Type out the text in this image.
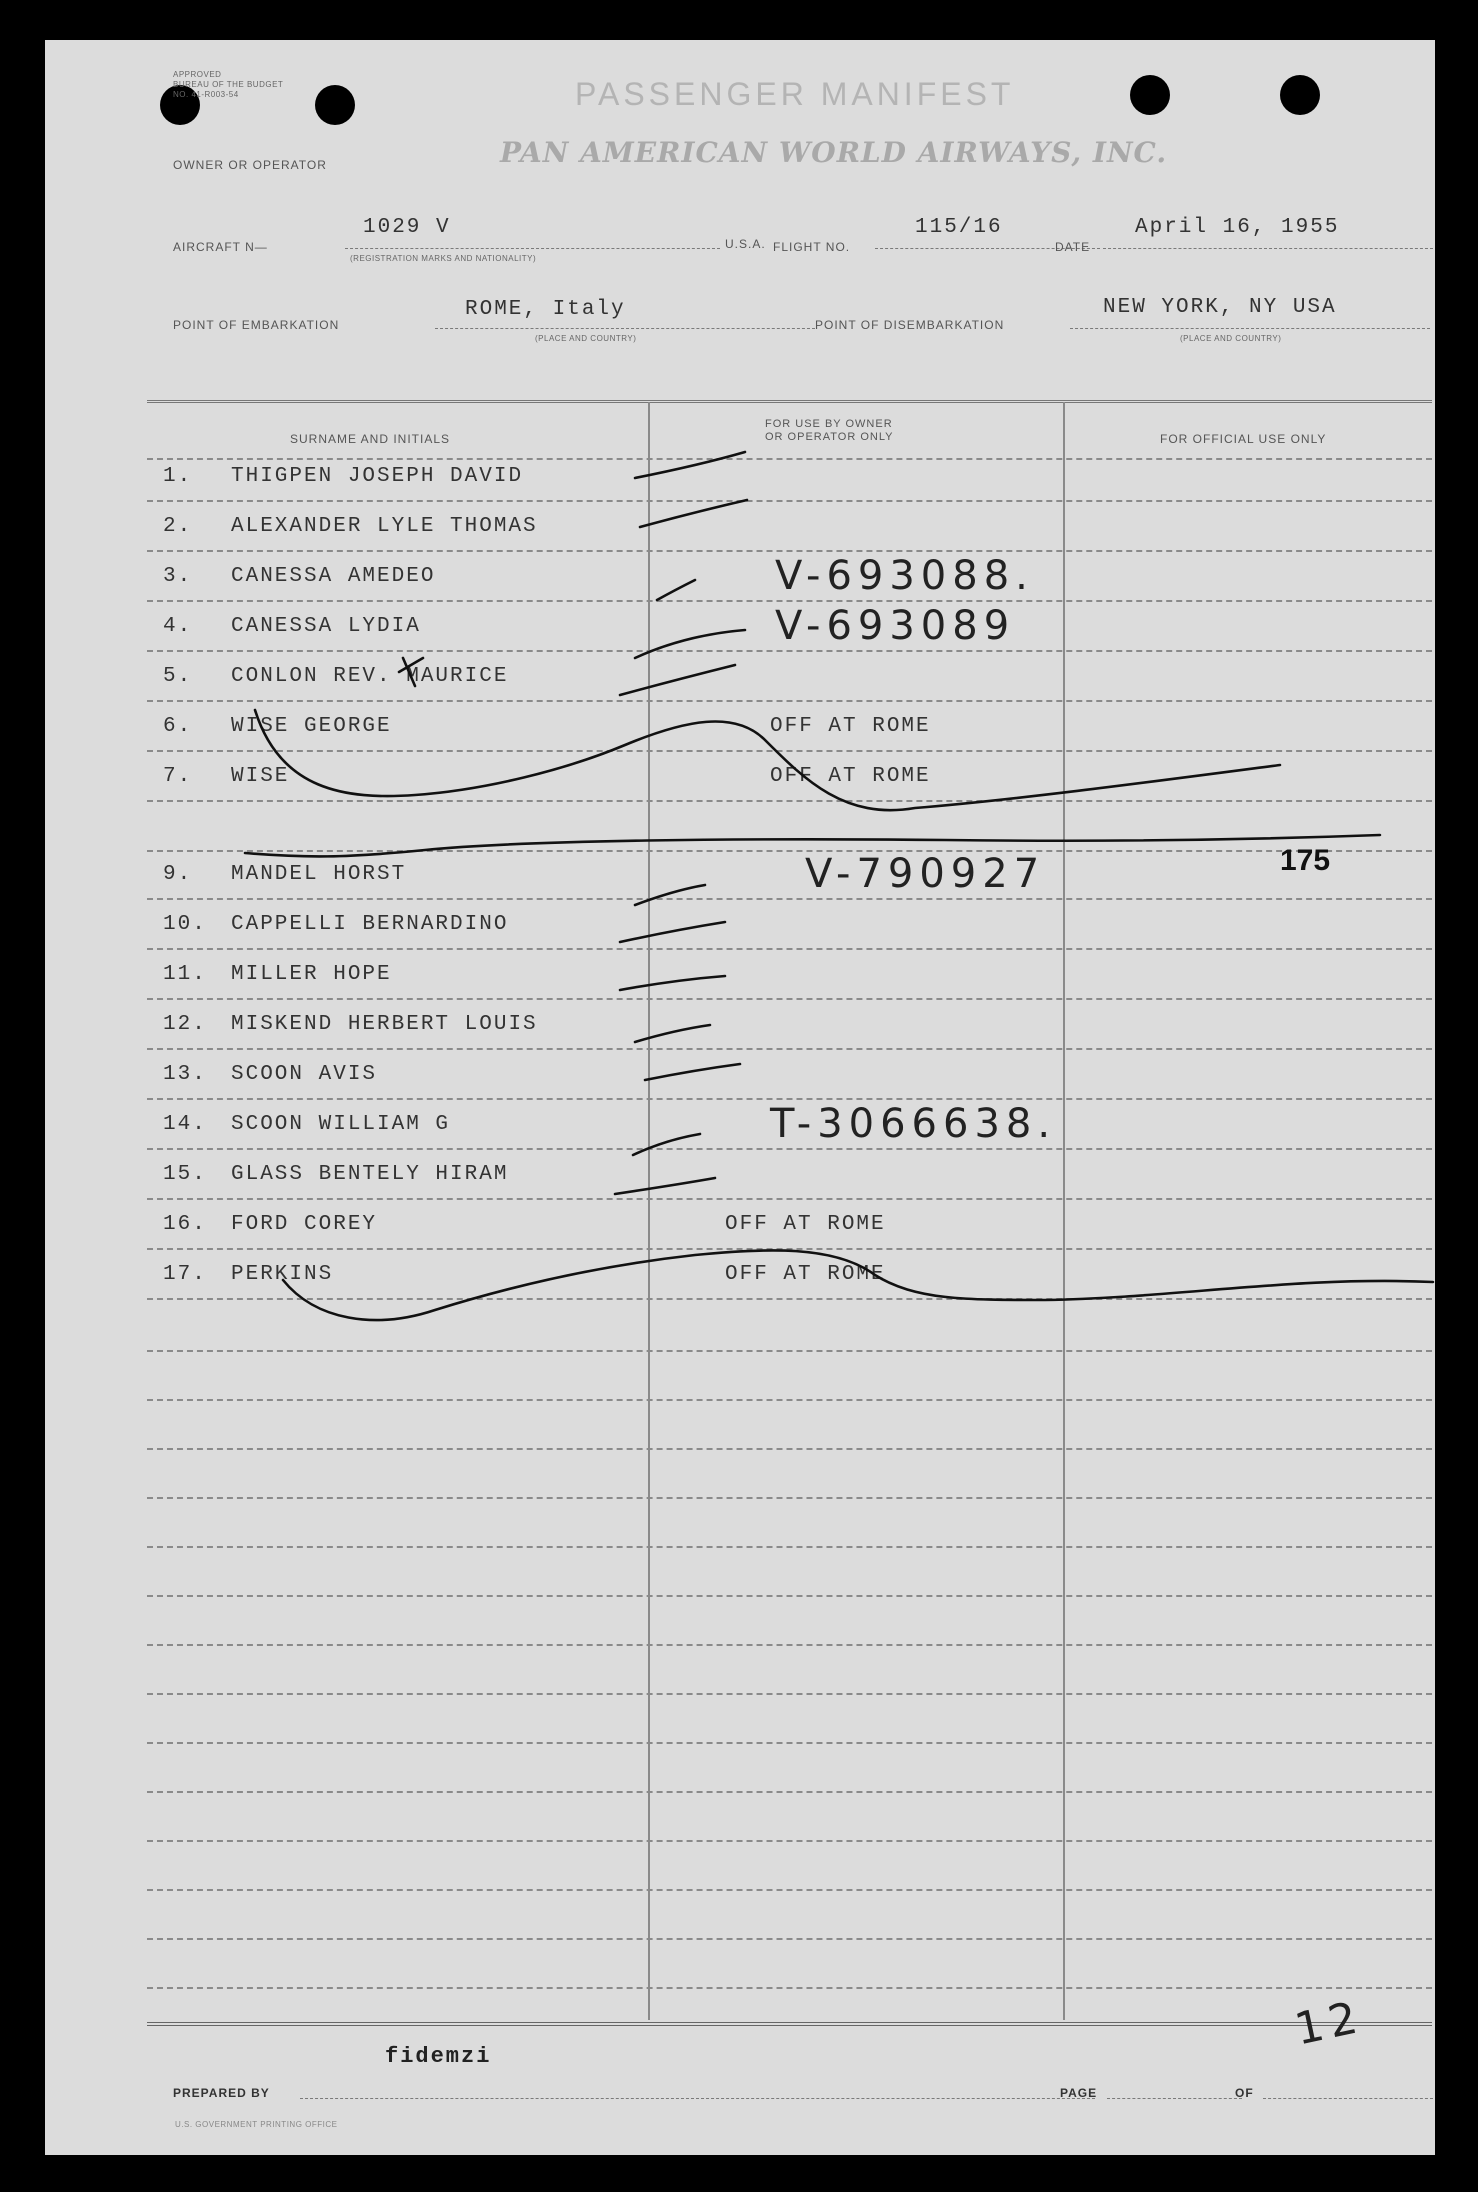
APPROVED
BUREAU OF THE BUDGET
NO. 41-R003-54	PASSENGER MANIFEST
OWNER OR OPERATOR	PAN AMERICAN WORLD AIRWAYS, INC.
AIRCRAFT N—
1029 V
(REGISTRATION MARKS AND NATIONALITY)
U.S.A. FLIGHT NO.
115/16
DATE
April 16, 1955
POINT OF EMBARKATION
ROME, Italy
(PLACE AND COUNTRY)
POINT OF DISEMBARKATION
NEW YORK, NY USA
(PLACE AND COUNTRY)
SURNAME AND INITIALS
FOR USE BY OWNER
OR OPERATOR ONLY	FOR OFFICIAL USE ONLY
1. THIGPEN JOSEPH DAVID
2. ALEXANDER LYLE THOMAS
3. CANESSA AMEDEO	V-693088.
4. CANESSA LYDIA	V-693089
5. CONLON REV. MAURICE
6. WISE GEORGE	OFF AT ROME
7. WISE	OFF AT ROME
9. MANDEL HORST	V-790927
10. CAPPELLI BERNARDINO
11. MILLER HOPE
12. MISKEND HERBERT LOUIS
13. SCOON AVIS
14. SCOON WILLIAM G	T-3066638.
15. GLASS BENTELY HIRAM
16. FORD COREY	OFF AT ROME
17. PERKINS	OFF AT ROME
175
12
fidemzi
PREPARED BY	PAGE	OF
U.S. GOVERNMENT PRINTING OFFICE
